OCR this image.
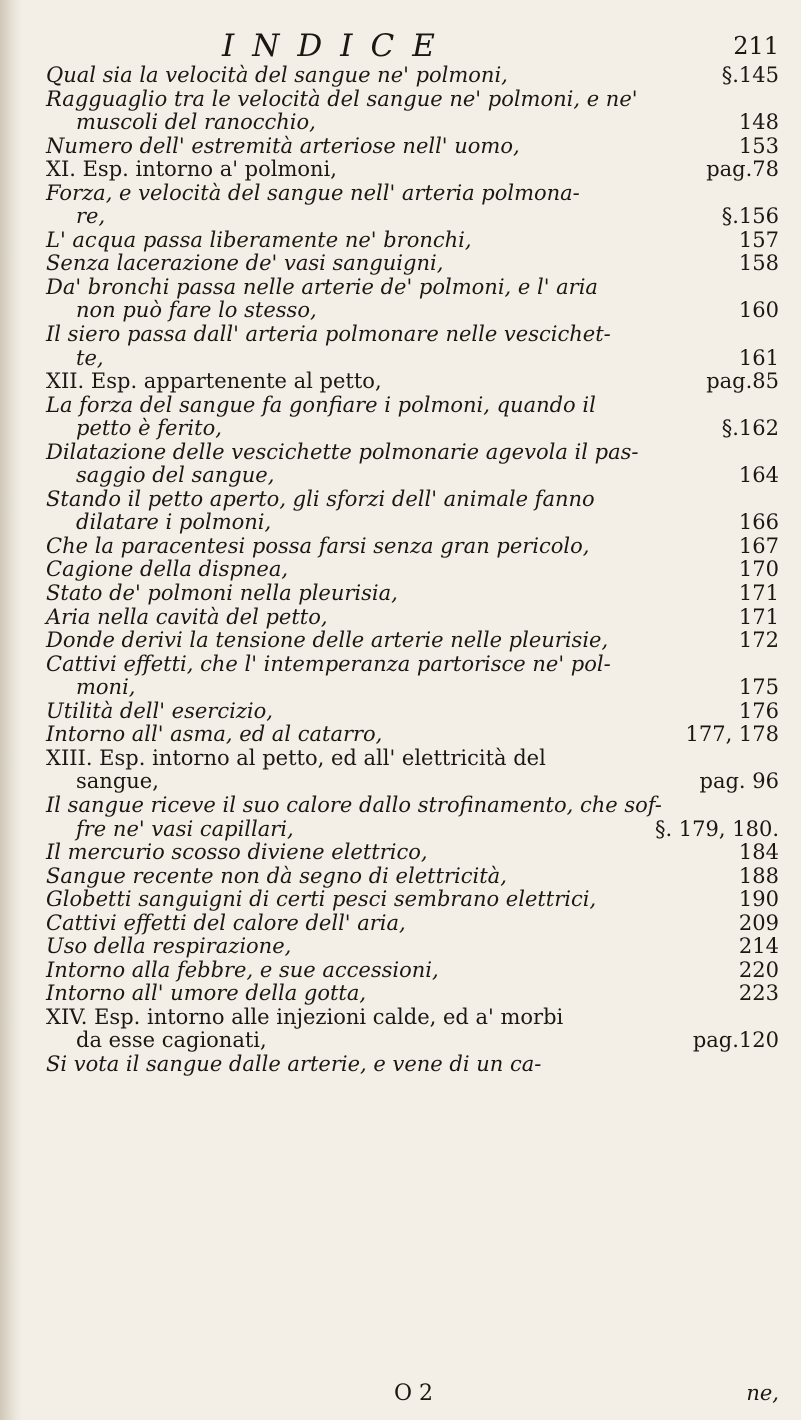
INDICE	211
Qual sia la velocità del sangue ne' polmoni,	§.145
Ragguaglio tra le velocità del sangue ne' polmoni, e ne'
muscoli del ranocchio,	148
Numero dell' estremità arteriose nell' uomo,	153
XI. Esp. intorno a' polmoni,	pag.78
Forza, e velocità del sangue nell' arteria polmona-
re,	§.156
L' acqua passa liberamente ne' bronchi,	157
Senza lacerazione de' vasi sanguigni,	158
Da' bronchi passa nelle arterie de' polmoni, e l' aria
non può fare lo stesso,	160
Il siero passa dall' arteria polmonare nelle vescichet-
te,	161
XII. Esp. appartenente al petto,	pag.85
La forza del sangue fa gonfiare i polmoni, quando il
petto è ferito,	§.162
Dilatazione delle vescichette polmonarie agevola il pas-
saggio del sangue,	164
Stando il petto aperto, gli sforzi dell' animale fanno
dilatare i polmoni,	166
Che la paracentesi possa farsi senza gran pericolo,	167
Cagione della dispnea,	170
Stato de' polmoni nella pleurisia,	171
Aria nella cavità del petto,	171
Donde derivi la tensione delle arterie nelle pleurisie,	172
Cattivi effetti, che l' intemperanza partorisce ne' pol-
moni,	175
Utilità dell' esercizio,	176
Intorno all' asma, ed al catarro,	177, 178
XIII. Esp. intorno al petto, ed all' elettricità del
sangue,	pag. 96
Il sangue riceve il suo calore dallo strofinamento, che sof-
fre ne' vasi capillari,	§. 179, 180.
Il mercurio scosso diviene elettrico,	184
Sangue recente non dà segno di elettricità,	188
Globetti sanguigni di certi pesci sembrano elettrici,	190
Cattivi effetti del calore dell' aria,	209
Uso della respirazione,	214
Intorno alla febbre, e sue accessioni,	220
Intorno all' umore della gotta,	223
XIV. Esp. intorno alle injezioni calde, ed a' morbi
da esse cagionati,	pag.120
Si vota il sangue dalle arterie, e vene di un ca-
O 2	ne,
